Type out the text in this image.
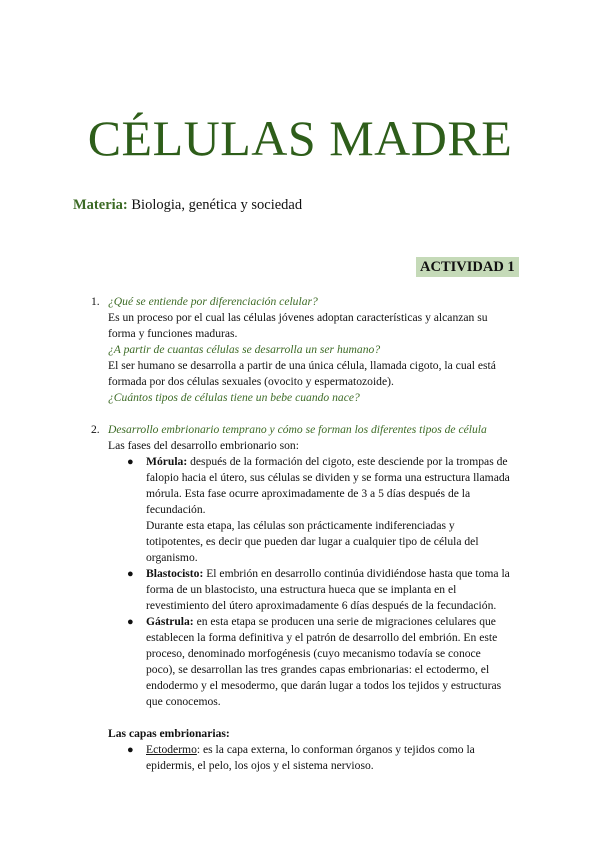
CÉLULAS MADRE
Materia: Biologia, genética y sociedad
ACTIVIDAD 1
1. ¿Qué se entiende por diferenciación celular?

Es un proceso por el cual las células jóvenes adoptan características y alcanzan su

forma y funciones maduras.

¿A partir de cuantas células se desarrolla un ser humano?

El ser humano se desarrolla a partir de una única célula, llamada cigoto, la cual está

formada por dos células sexuales (ovocito y espermatozoide).

¿Cuántos tipos de células tiene un bebe cuando nace?

2. Desarrollo embrionario temprano y cómo se forman los diferentes tipos de célula

Las fases del desarrollo embrionario son:

● Mórula: después de la formación del cigoto, este desciende por la trompas de

falopio hacia el útero, sus células se dividen y se forma una estructura llamada

mórula. Esta fase ocurre aproximadamente de 3 a 5 días después de la

fecundación.

Durante esta etapa, las células son prácticamente indiferenciadas y

totipotentes, es decir que pueden dar lugar a cualquier tipo de célula del

organismo.

● Blastocisto: El embrión en desarrollo continúa dividiéndose hasta que toma la

forma de un blastocisto, una estructura hueca que se implanta en el

revestimiento del útero aproximadamente 6 días después de la fecundación.

● Gástrula: en esta etapa se producen una serie de migraciones celulares que

establecen la forma definitiva y el patrón de desarrollo del embrión. En este

proceso, denominado morfogénesis (cuyo mecanismo todavía se conoce

poco), se desarrollan las tres grandes capas embrionarias: el ectodermo, el

endodermo y el mesodermo, que darán lugar a todos los tejidos y estructuras

que conocemos.

Las capas embrionarias:
● Ectodermo: es la capa externa, lo conforman órganos y tejidos como la

epidermis, el pelo, los ojos y el sistema nervioso.
